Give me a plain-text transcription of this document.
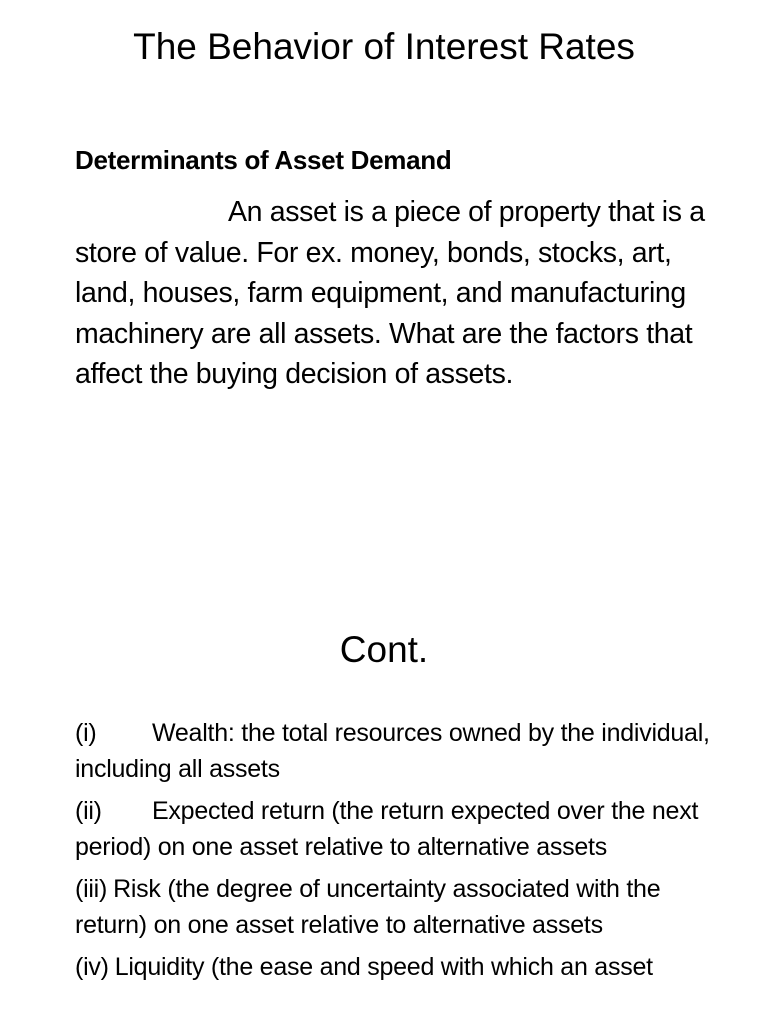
The Behavior of Interest Rates
Determinants of Asset Demand
An asset is a piece of property that is a store of value. For ex. money, bonds, stocks, art, land, houses, farm equipment, and manufacturing machinery are all assets. What are the factors that affect the buying decision of assets.
Cont.
(i) Wealth: the total resources owned by the individual, including all assets
(ii) Expected return (the return expected over the next period) on one asset relative to alternative assets
(iii) Risk (the degree of uncertainty associated with the return) on one asset relative to alternative assets
(iv) Liquidity (the ease and speed with which an asset
